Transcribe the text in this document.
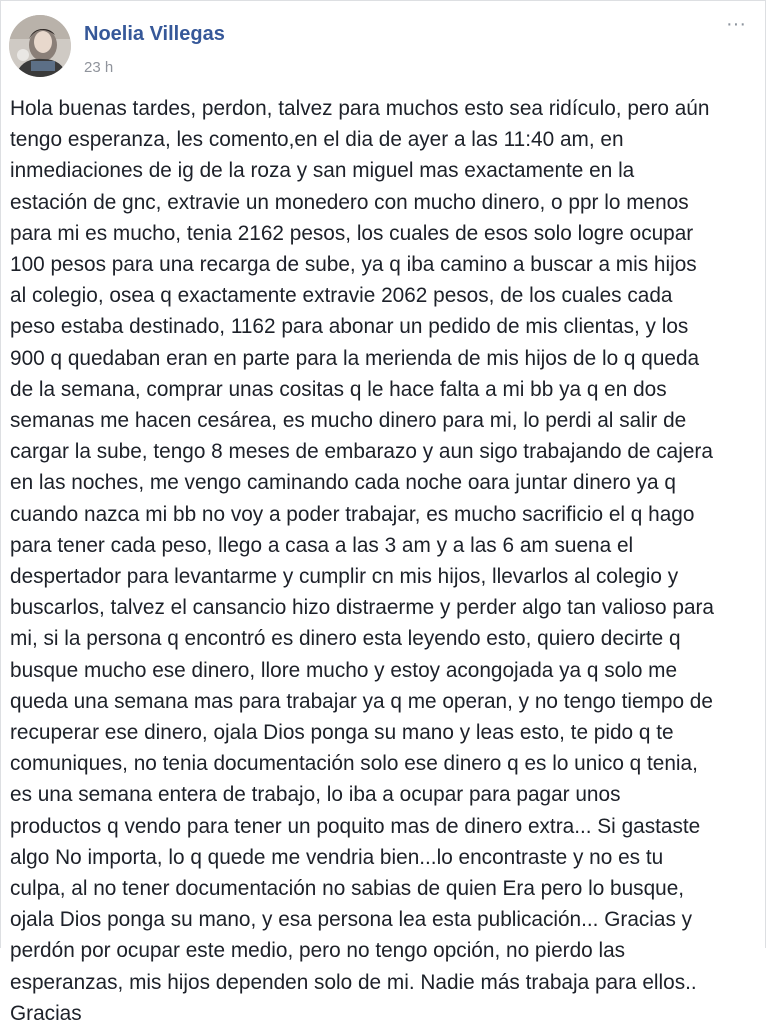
Noelia Villegas
23 h
···
Hola buenas tardes, perdon, talvez para muchos esto sea ridículo, pero aún
tengo esperanza, les comento,en el dia de ayer a las 11:40 am, en
inmediaciones de ig de la roza y san miguel mas exactamente en la
estación de gnc, extravie un monedero con mucho dinero, o ppr lo menos
para mi es mucho, tenia 2162 pesos, los cuales de esos solo logre ocupar
100 pesos para una recarga de sube, ya q iba camino a buscar a mis hijos
al colegio, osea q exactamente extravie 2062 pesos, de los cuales cada
peso estaba destinado, 1162 para abonar un pedido de mis clientas, y los
900 q quedaban eran en parte para la merienda de mis hijos de lo q queda
de la semana, comprar unas cositas q le hace falta a mi bb ya q en dos
semanas me hacen cesárea, es mucho dinero para mi, lo perdi al salir de
cargar la sube, tengo 8 meses de embarazo y aun sigo trabajando de cajera
en las noches, me vengo caminando cada noche oara juntar dinero ya q
cuando nazca mi bb no voy a poder trabajar, es mucho sacrificio el q hago
para tener cada peso, llego a casa a las 3 am y a las 6 am suena el
despertador para levantarme y cumplir cn mis hijos, llevarlos al colegio y
buscarlos, talvez el cansancio hizo distraerme y perder algo tan valioso para
mi, si la persona q encontró es dinero esta leyendo esto, quiero decirte q
busque mucho ese dinero, llore mucho y estoy acongojada ya q solo me
queda una semana mas para trabajar ya q me operan, y no tengo tiempo de
recuperar ese dinero, ojala Dios ponga su mano y leas esto, te pido q te
comuniques, no tenia documentación solo ese dinero q es lo unico q tenia,
es una semana entera de trabajo, lo iba a ocupar para pagar unos
productos q vendo para tener un poquito mas de dinero extra... Si gastaste
algo No importa, lo q quede me vendria bien...lo encontraste y no es tu
culpa, al no tener documentación no sabias de quien Era pero lo busque,
ojala Dios ponga su mano, y esa persona lea esta publicación... Gracias y
perdón por ocupar este medio, pero no tengo opción, no pierdo las
esperanzas, mis hijos dependen solo de mi. Nadie más trabaja para ellos..
Gracias
